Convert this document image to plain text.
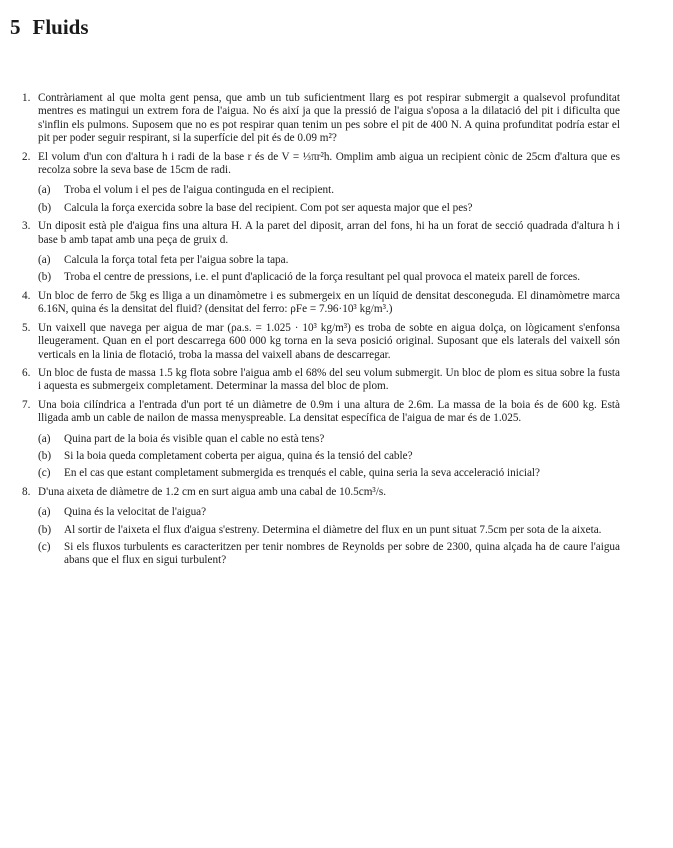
5 Fluids
1. Contràriament al que molta gent pensa, que amb un tub suficientment llarg es pot respirar submergit a qualsevol profunditat mentres es matingui un extrem fora de l'aigua. No és així ja que la pressió de l'aigua s'oposa a la dilatació del pit i dificulta que s'inflin els pulmons. Suposem que no es pot respirar quan tenim un pes sobre el pit de 400 N. A quina profunditat podría estar el pit per poder seguir respirant, si la superfície del pit és de 0.09 m²?
2. El volum d'un con d'altura h i radi de la base r és de V = ⅓πr²h. Omplim amb aigua un recipient cònic de 25cm d'altura que es recolza sobre la seva base de 15cm de radi.
(a) Troba el volum i el pes de l'aigua continguda en el recipient.
(b) Calcula la força exercida sobre la base del recipient. Com pot ser aquesta major que el pes?
3. Un diposit està ple d'aigua fins una altura H. A la paret del diposit, arran del fons, hi ha un forat de secció quadrada d'altura h i base b amb tapat amb una peça de gruix d.
(a) Calcula la força total feta per l'aigua sobre la tapa.
(b) Troba el centre de pressions, i.e. el punt d'aplicació de la força resultant pel qual provoca el mateix parell de forces.
4. Un bloc de ferro de 5kg es lliga a un dinamòmetre i es submergeix en un líquid de densitat desconeguda. El dinamòmetre marca 6.16N, quina és la densitat del fluid? (densitat del ferro: ρFe = 7.96·10³ kg/m³.)
5. Un vaixell que navega per aigua de mar (ρa.s. = 1.025 · 10³ kg/m³) es troba de sobte en aigua dolça, on lògicament s'enfonsa lleugerament. Quan en el port descarrega 600 000 kg torna en la seva posició original. Suposant que els laterals del vaixell són verticals en la linia de flotació, troba la massa del vaixell abans de descarregar.
6. Un bloc de fusta de massa 1.5 kg flota sobre l'aigua amb el 68% del seu volum submergit. Un bloc de plom es situa sobre la fusta i aquesta es submergeix completament. Determinar la massa del bloc de plom.
7. Una boia cilíndrica a l'entrada d'un port té un diàmetre de 0.9m i una altura de 2.6m. La massa de la boia és de 600 kg. Està lligada amb un cable de nailon de massa menyspreable. La densitat específica de l'aigua de mar és de 1.025.
(a) Quina part de la boia és visible quan el cable no està tens?
(b) Si la boia queda completament coberta per aigua, quina és la tensió del cable?
(c) En el cas que estant completament submergida es trenqués el cable, quina seria la seva acceleració inicial?
8. D'una aixeta de diàmetre de 1.2 cm en surt aigua amb una cabal de 10.5cm³/s.
(a) Quina és la velocitat de l'aigua?
(b) Al sortir de l'aixeta el flux d'aigua s'estreny. Determina el diàmetre del flux en un punt situat 7.5cm per sota de la aixeta.
(c) Si els fluxos turbulents es caracteritzen per tenir nombres de Reynolds per sobre de 2300, quina alçada ha de caure l'aigua abans que el flux en sigui turbulent?
